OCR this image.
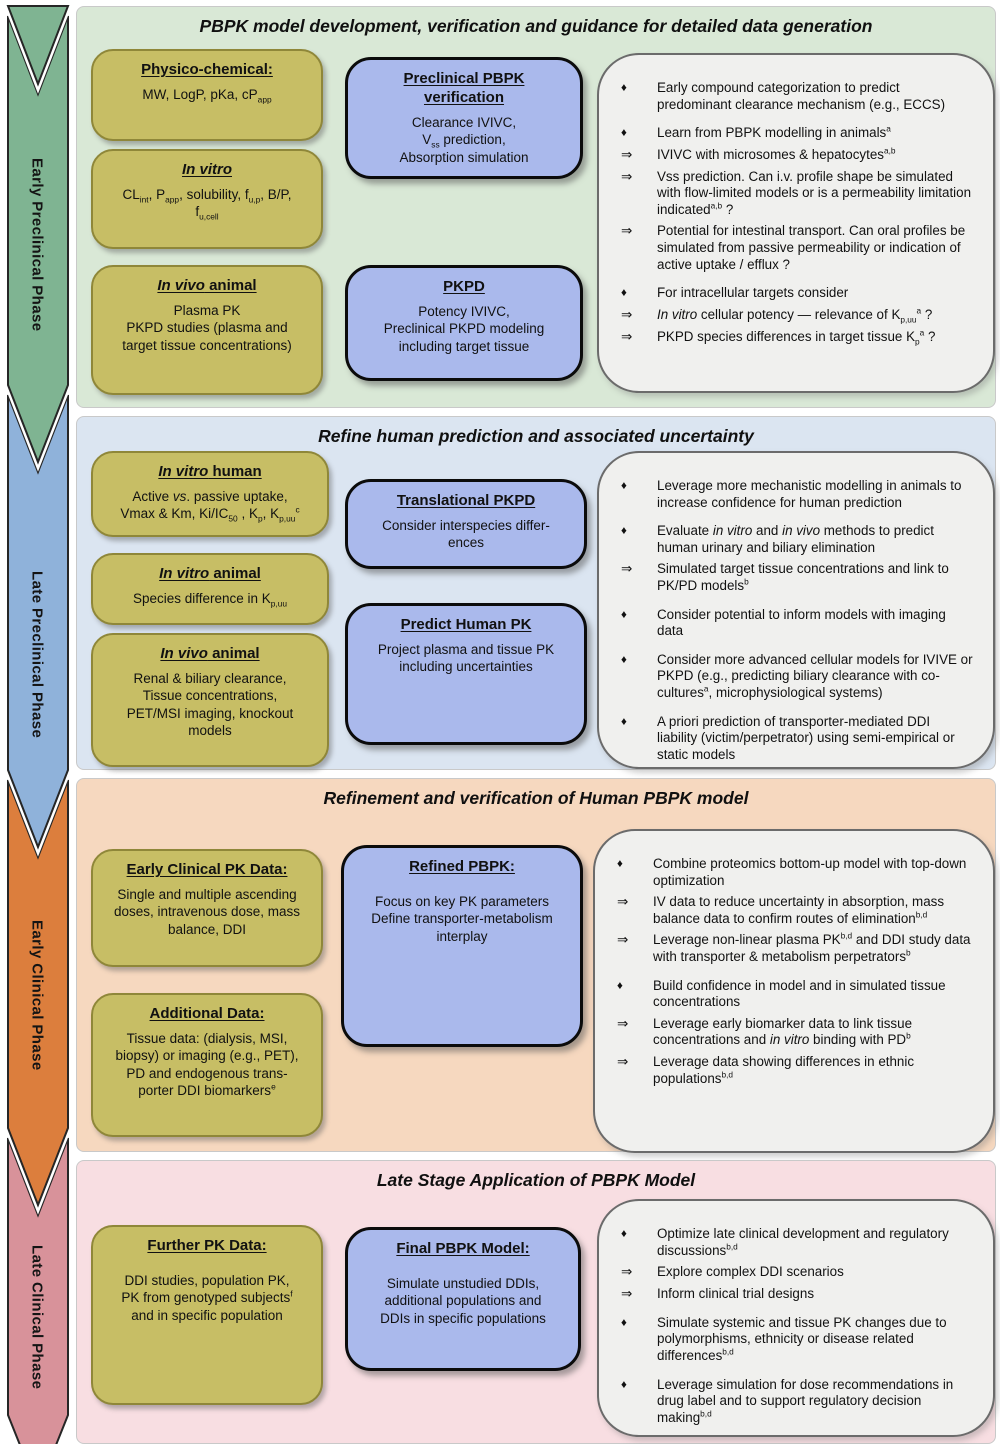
Early Preclinical Phase
Late Preclinical Phase
Early Clinical Phase
Late Clinical Phase
PBPK model development, verification and guidance for detailed data generation
Physico-chemical:
MW, LogP, pKa, $cP_{app}$
In vitro
$CL_{int}$, $P_{app}$, solubility, $f_{u,p}$, B/P,
$f_{u,cell}$
In vivo animal
Plasma PK
PKPD studies (plasma and
target tissue concentrations)
Preclinical PBPK
verification
Clearance IVIVC,
$V_{ss}$ prediction,
Absorption simulation
PKPD
Potency IVIVC,
Preclinical PKPD modeling
including target tissue
♦	Early compound categorization to predict predominant clearance mechanism (e.g., ECCS)
♦	Learn from PBPK modelling in animals$^a$
⇒	IVIVC with microsomes & hepatocytes$^{a,b}$
⇒	Vss prediction. Can i.v. profile shape be simulated with flow-limited models or is a permeability limitation indicated$^{a,b}$ ?
⇒	Potential for intestinal transport. Can oral profiles be simulated from passive permeability or indication of active uptake / efflux ?
♦	For intracellular targets consider
⇒	In vitro cellular potency — relevance of $K_{p,uu}^a$ ?
⇒	PKPD species differences in target tissue $K_p^a$ ?
Refine human prediction and associated uncertainty
In vitro human
Active vs. passive uptake,
Vmax & Km, $Ki/IC_{50}$ , $K_p$, $K_{p,uu}^c$
In vitro animal
Species difference in $K_{p,uu}$
In vivo animal
Renal & biliary clearance,
Tissue concentrations,
PET/MSI imaging, knockout
models
Translational PKPD
Consider interspecies differ-
ences
Predict Human PK
Project plasma and tissue PK
including uncertainties
♦	Leverage more mechanistic modelling in animals to increase confidence for human prediction
♦	Evaluate in vitro and in vivo methods to predict human urinary and biliary elimination
⇒	Simulated target tissue concentrations and link to PK/PD models$^b$
♦	Consider potential to inform models with imaging data
♦	Consider more advanced cellular models for IVIVE or PKPD (e.g., predicting biliary clearance with co-cultures$^a$, microphysiological systems)
♦	A priori prediction of transporter-mediated DDI liability (victim/perpetrator) using semi-empirical or static models
Refinement and verification of Human PBPK model
Early Clinical PK Data:
Single and multiple ascending
doses, intravenous dose, mass
balance, DDI
Additional Data:
Tissue data: (dialysis, MSI,
biopsy) or imaging (e.g., PET),
PD and endogenous trans-
porter DDI biomarkers$^e$
Refined PBPK:
Focus on key PK parameters
Define transporter-metabolism
interplay
♦	Combine proteomics bottom-up model with top-down optimization
⇒	IV data to reduce uncertainty in absorption, mass balance data to confirm routes of elimination$^{b,d}$
⇒	Leverage non-linear plasma PK$^{b,d}$ and DDI study data with transporter & metabolism perpetrators$^b$
♦	Build confidence in model and in simulated tissue concentrations
⇒	Leverage early biomarker data to link tissue concentrations and in vitro binding with $PD^b$
⇒	Leverage data showing differences in ethnic populations$^{b,d}$
Late Stage Application of PBPK Model
Further PK Data:
DDI studies, population PK,
PK from genotyped subjects$^f$
and in specific population
Final PBPK Model:
Simulate unstudied DDIs,
additional populations and
DDIs in specific populations
♦	Optimize late clinical development and regulatory discussions$^{b,d}$
⇒	Explore complex DDI scenarios
⇒	Inform clinical trial designs
♦	Simulate systemic and tissue PK changes due to polymorphisms, ethnicity or disease related differences$^{b,d}$
♦	Leverage simulation for dose recommendations in drug label and to support regulatory decision making$^{b,d}$
